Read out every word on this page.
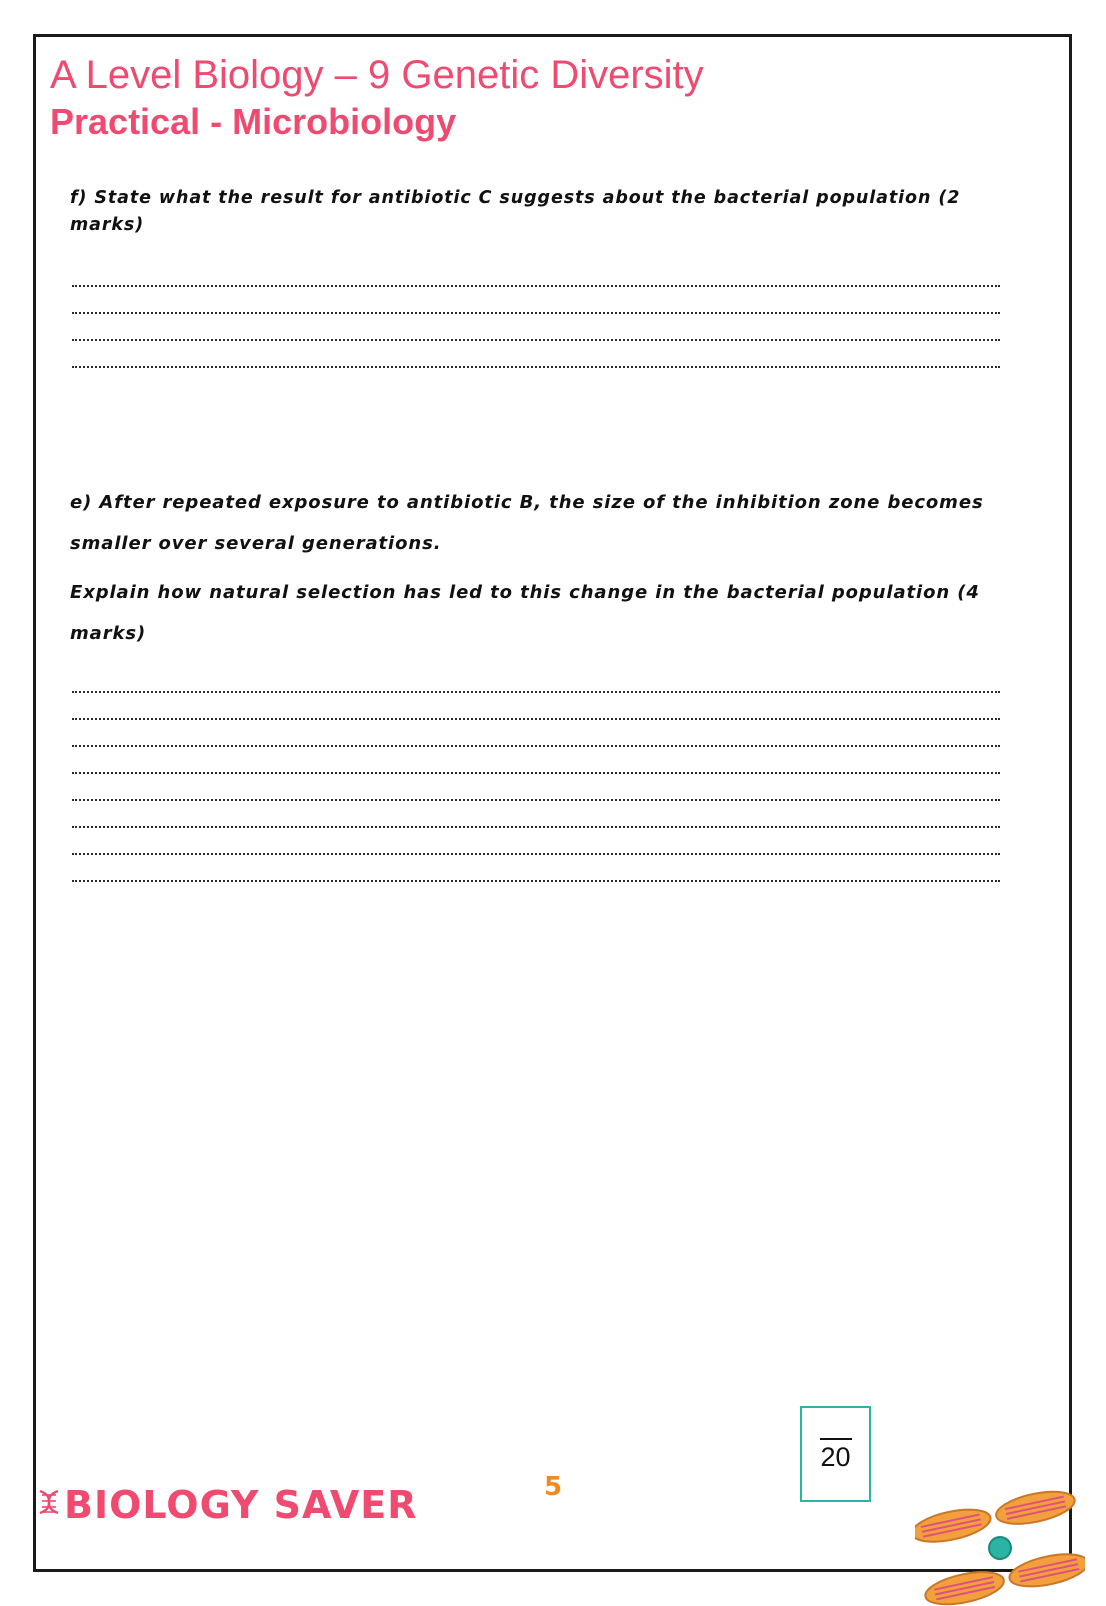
A Level Biology – 9 Genetic Diversity
Practical - Microbiology
f) State what the result for antibiotic C suggests about the bacterial population (2 marks)
e) After repeated exposure to antibiotic B, the size of the inhibition zone becomes smaller over several generations.
Explain how natural selection has led to this change in the bacterial population (4 marks)
20
5
BIOLOGY SAVER
